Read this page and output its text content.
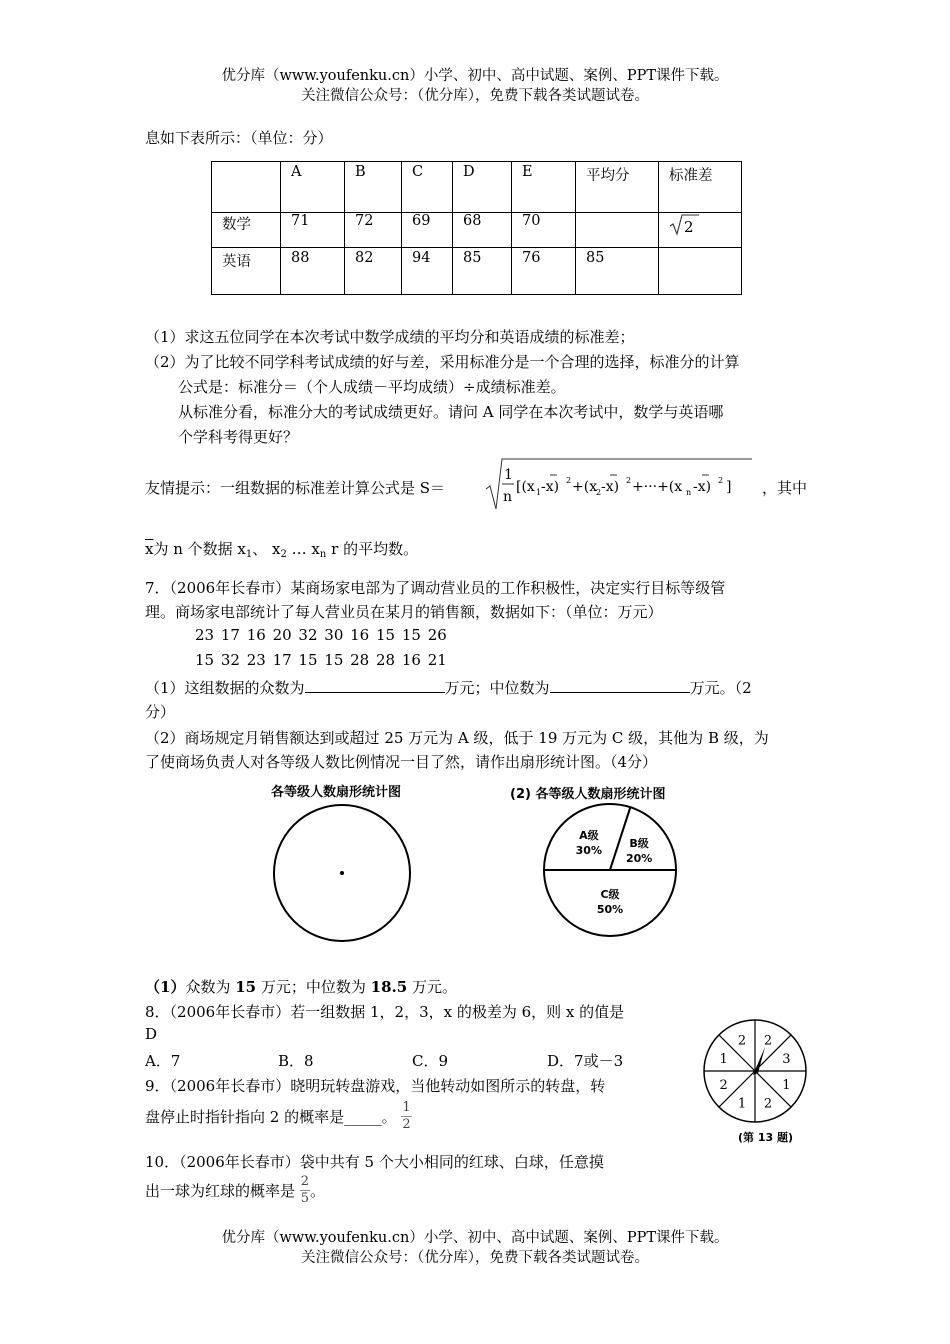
优分库（www.youfenku.cn）小学、初中、高中试题、案例、PPT课件下载。
关注微信公众号：（优分库），免费下载各类试题试卷。
息如下表所示：（单位：分）
	A	B	C	D	E	平均分	标准差
数学	71	72	69	68	70		2

英语	88	82	94	85	76	85	
（1）求这五位同学在本次考试中数学成绩的平均分和英语成绩的标准差；
（2）为了比较不同学科考试成绩的好与差，采用标准分是一个合理的选择，标准分的计算
公式是：标准分＝（个人成绩－平均成绩）÷成绩标准差。
从标准分看，标准分大的考试成绩更好。请问 A 同学在本次考试中，数学与英语哪
个学科考得更好？
友情提示：一组数据的标准差计算公式是 S＝
1
n
[(x 1 -x) 2 +(x
2 -x) 2 +···+(x n -x) 2 ] ，其中
$\overline{x}$为 n 个数据 $x_1$、 $x_2$ … $x_n$ r 的平均数。
7．（2006年长春市）某商场家电部为了调动营业员的工作积极性，决定实行目标等级管
理。商场家电部统计了每人营业员在某月的销售额，数据如下：（单位：万元）
23 17 16 20 32 30 16 15 15 26
15 32 23 17 15 15 28 28 16 21
（1）这组数据的众数为	万元；中位数为	万元。（2
分）
（2）商场规定月销售额达到或超过 25 万元为 A 级，低于 19 万元为 C 级，其他为 B 级，为
了使商场负责人对各等级人数比例情况一目了然，请作出扇形统计图。（4分）
各等级人数扇形统计图	(2) 各等级人数扇形统计图
C级
50%
A级
30%
B级
20%
（1）众数为 15 万元；中位数为 18.5 万元。
8．（2006年长春市）若一组数据 1，2，3，x 的极差为 6，则 x 的值是
D
A．7	B．8	C．9	D．7或－3
2 2
3
1
2
1
2
1
(第 13 题)
9．（2006年长春市）晓明玩转盘游戏，当他转动如图所示的转盘，转
盘停止时指针指向 2 的概率是_____。 $\frac{1}{2}$
10．（2006年长春市）袋中共有 5 个大小相同的红球、白球，任意摸
出一球为红球的概率是 $\frac{2}{5}$ 。
优分库（www.youfenku.cn）小学、初中、高中试题、案例、PPT课件下载。
关注微信公众号：（优分库），免费下载各类试题试卷。
